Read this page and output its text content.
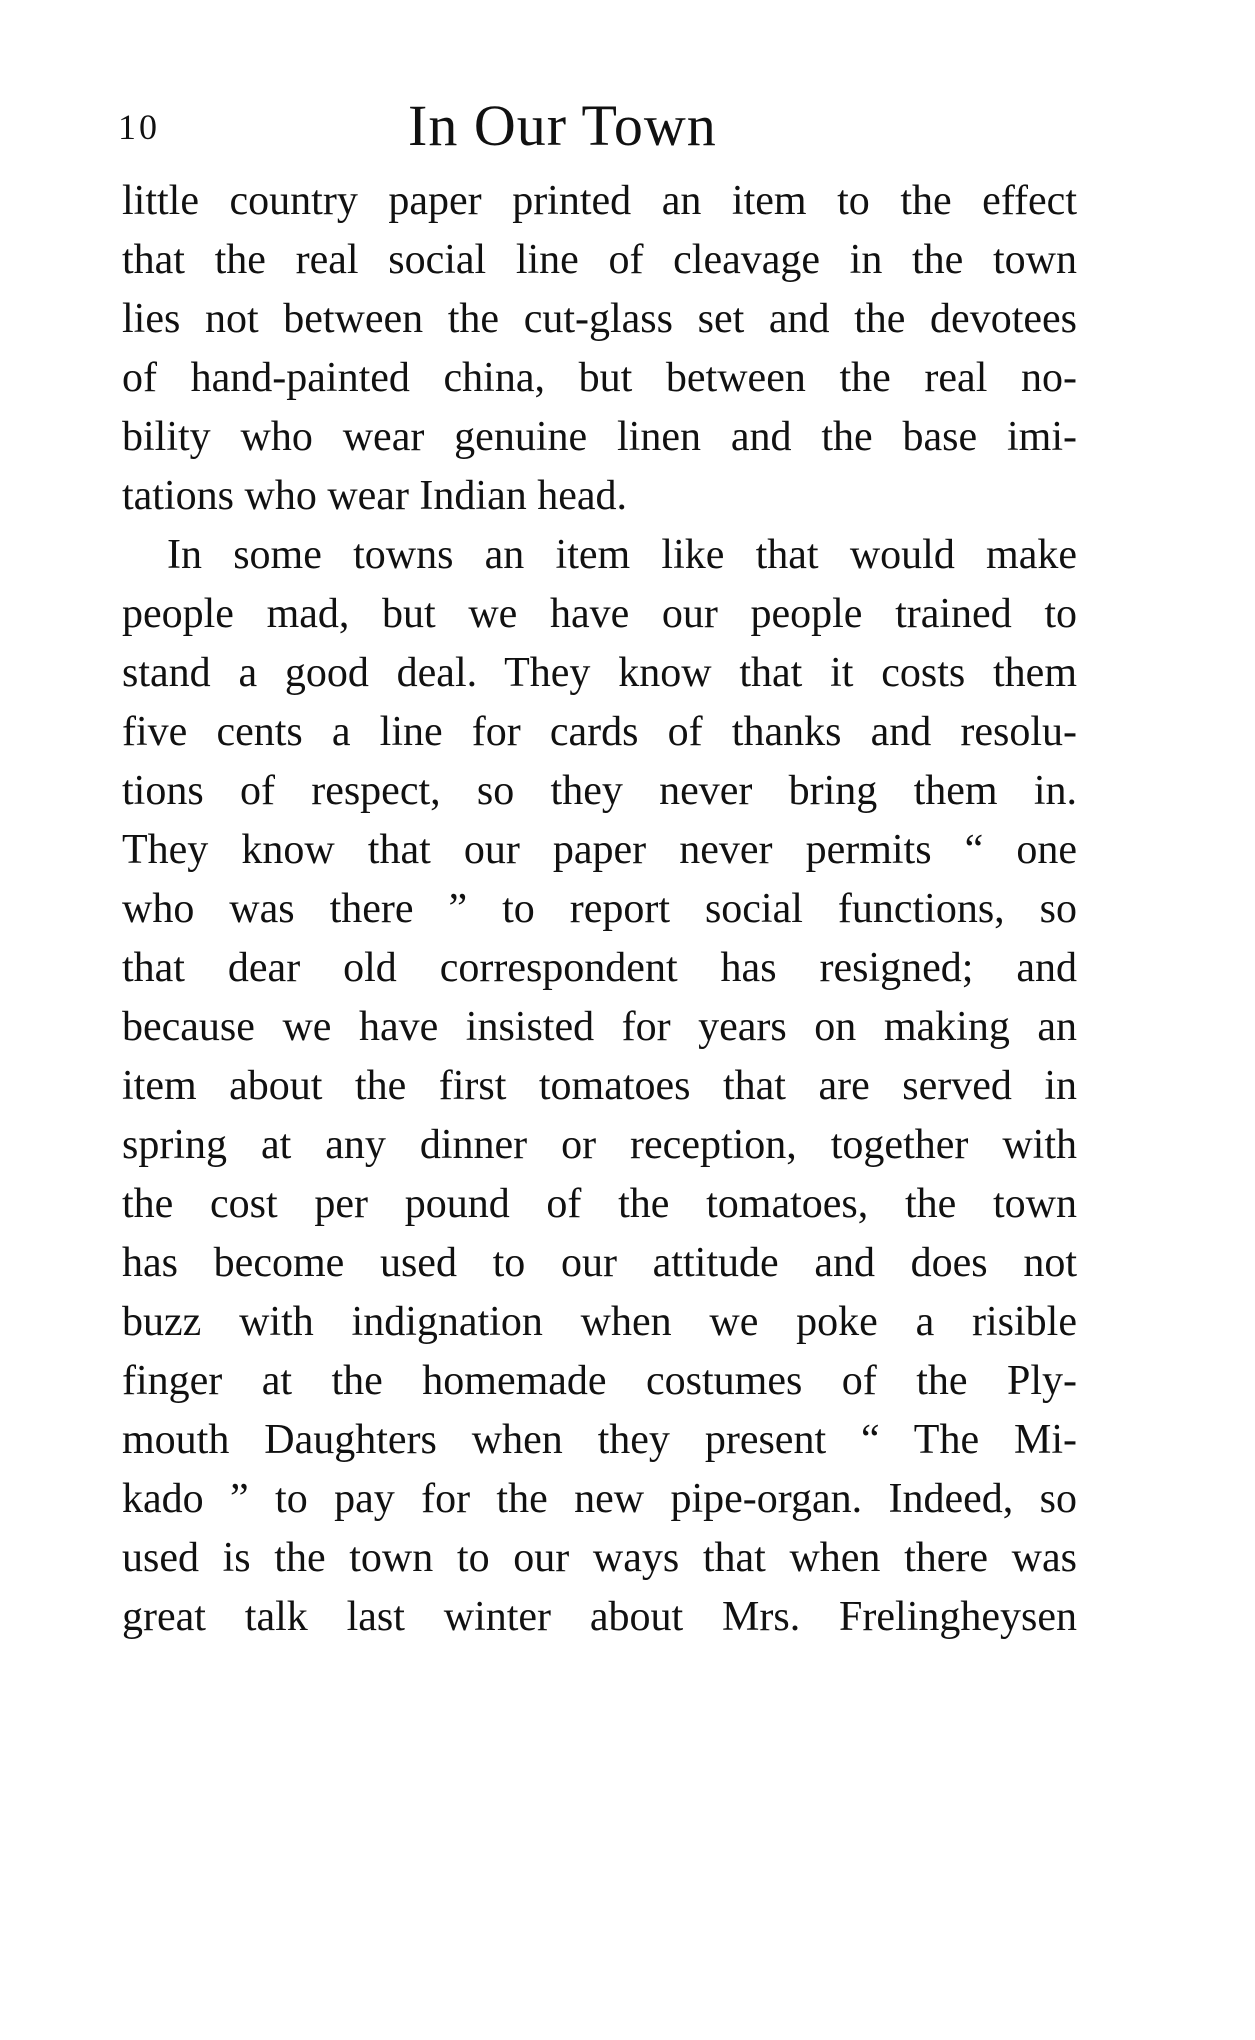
10	In Our Town
little country paper printed an item to the effect
that the real social line of cleavage in the town
lies not between the cut-glass set and the devotees
of hand-painted china, but between the real no-
bility who wear genuine linen and the base imi-
tations who wear Indian head.
In some towns an item like that would make
people mad, but we have our people trained to
stand a good deal. They know that it costs them
five cents a line for cards of thanks and resolu-
tions of respect, so they never bring them in.
They know that our paper never permits “ one
who was there ” to report social functions, so
that dear old correspondent has resigned; and
because we have insisted for years on making an
item about the first tomatoes that are served in
spring at any dinner or reception, together with
the cost per pound of the tomatoes, the town
has become used to our attitude and does not
buzz with indignation when we poke a risible
finger at the homemade costumes of the Ply-
mouth Daughters when they present “ The Mi-
kado ” to pay for the new pipe-organ. Indeed, so
used is the town to our ways that when there was
great talk last winter about Mrs. Frelingheysen
